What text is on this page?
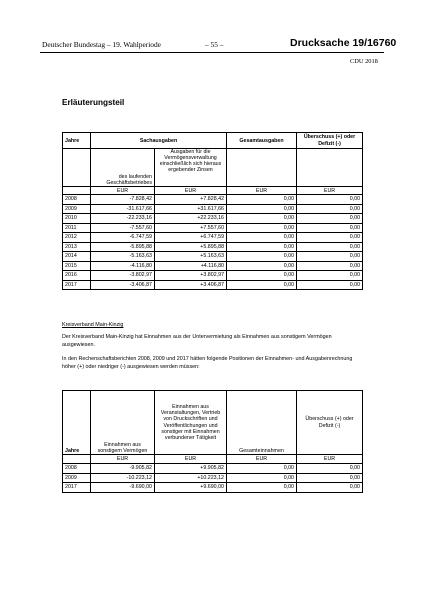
Deutscher Bundestag – 19. Wahlperiode	– 55 –	Drucksache 19/16760
CDU 2018
Erläuterungsteil
Jahre	Sachausgaben		Gesamtausgaben	Überschuss (+) oder Defizit (-)
	des laufenden Geschäftsbetriebes	Ausgaben für die Vermögensverwaltung einschließlich sich hieraus ergebender Zinsen		
	EUR	EUR	EUR	EUR
2008	-7.828,42	+7.828,42	0,00	0,00
2009	-31.617,66	+31.617,66	0,00	0,00
2010	-22.233,16	+22.233,16	0,00	0,00
2011	-7.557,60	+7.557,60	0,00	0,00
2012	-6.747,59	+6.747,59	0,00	0,00
2013	-5.895,88	+5.895,88	0,00	0,00
2014	-5.163,63	+5.163,63	0,00	0,00
2015	-4.116,80	+4.116,80	0,00	0,00
2016	-3.802,97	+3.802,97	0,00	0,00
2017	-3.406,87	+3.406,87	0,00	0,00
Kreisverband Main-Kinzig
Der Kreisverband Main-Kinzig hat Einnahmen aus der Untervermietung als Einnahmen aus sonstigem Vermögen ausgewiesen.
In den Rechenschaftsberichten 2008, 2009 und 2017 hätten folgende Positionen der Einnahmen- und Ausgabenrechnung höher (+) oder niedriger (-) ausgewiesen werden müssen:
Jahre	Einnahmen aus sonstigem Vermögen	Einnahmen aus Veranstaltungen, Vertrieb von Druckschriften und Veröffentlichungen und sonstiger mit Einnahmen verbundener Tätigkeit	Gesamteinnahmen	Überschuss (+) oder Defizit (-)
	EUR	EUR	EUR	EUR
2008	-9.905,82	+9.905,82	0,00	0,00
2009	-10.223,12	+10.223,12	0,00	0,00
2017	-9.690,00	+9.690,00	0,00	0,00
